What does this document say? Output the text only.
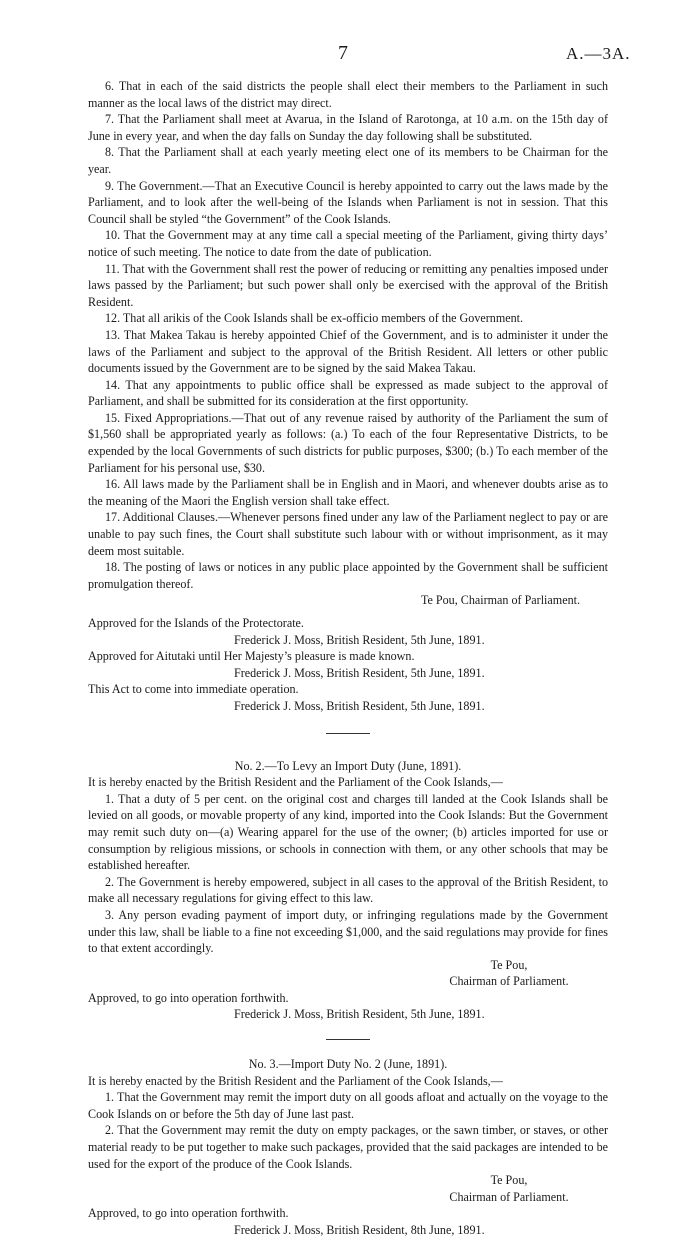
7	A.—3A.

6. That in each of the said districts the people shall elect their members to the Parliament in such manner as the local laws of the district may direct.

7. That the Parliament shall meet at Avarua, in the Island of Rarotonga, at 10 a.m. on the 15th day of June in every year, and when the day falls on Sunday the day following shall be substituted.

8. That the Parliament shall at each yearly meeting elect one of its members to be Chairman for the year.

9. The Government.—That an Executive Council is hereby appointed to carry out the laws made by the Parliament, and to look after the well-being of the Islands when Parliament is not in session. That this Council shall be styled “the Government” of the Cook Islands.

10. That the Government may at any time call a special meeting of the Parliament, giving thirty days’ notice of such meeting. The notice to date from the date of publication.

11. That with the Government shall rest the power of reducing or remitting any penalties imposed under laws passed by the Parliament; but such power shall only be exercised with the approval of the British Resident.

12. That all arikis of the Cook Islands shall be ex-officio members of the Government.

13. That Makea Takau is hereby appointed Chief of the Government, and is to administer it under the laws of the Parliament and subject to the approval of the British Resident. All letters or other public documents issued by the Government are to be signed by the said Makea Takau.

14. That any appointments to public office shall be expressed as made subject to the approval of Parliament, and shall be submitted for its consideration at the first opportunity.

15. Fixed Appropriations.—That out of any revenue raised by authority of the Parliament the sum of $1,560 shall be appropriated yearly as follows: (a.) To each of the four Representative Districts, to be expended by the local Governments of such districts for public purposes, $300; (b.) To each member of the Parliament for his personal use, $30.

16. All laws made by the Parliament shall be in English and in Maori, and whenever doubts arise as to the meaning of the Maori the English version shall take effect.

17. Additional Clauses.—Whenever persons fined under any law of the Parliament neglect to pay or are unable to pay such fines, the Court shall substitute such labour with or without imprisonment, as it may deem most suitable.

18. The posting of laws or notices in any public place appointed by the Government shall be sufficient promulgation thereof.

Te Pou, Chairman of Parliament.
Approved for the Islands of the Protectorate.
Frederick J. Moss, British Resident, 5th June, 1891.
Approved for Aitutaki until Her Majesty’s pleasure is made known.
Frederick J. Moss, British Resident, 5th June, 1891.
This Act to come into immediate operation.
Frederick J. Moss, British Resident, 5th June, 1891.
No. 2.—To Levy an Import Duty (June, 1891).

It is hereby enacted by the British Resident and the Parliament of the Cook Islands,—

1. That a duty of 5 per cent. on the original cost and charges till landed at the Cook Islands shall be levied on all goods, or movable property of any kind, imported into the Cook Islands: But the Government may remit such duty on—(a) Wearing apparel for the use of the owner; (b) articles imported for use or consumption by religious missions, or schools in connection with them, or any other schools that may be established hereafter.

2. The Government is hereby empowered, subject in all cases to the approval of the British Resident, to make all necessary regulations for giving effect to this law.

3. Any person evading payment of import duty, or infringing regulations made by the Government under this law, shall be liable to a fine not exceeding $1,000, and the said regulations may provide for fines to that extent accordingly.

Te Pou,
Chairman of Parliament.
Approved, to go into operation forthwith.
Frederick J. Moss, British Resident, 5th June, 1891.
No. 3.—Import Duty No. 2 (June, 1891).

It is hereby enacted by the British Resident and the Parliament of the Cook Islands,—

1. That the Government may remit the import duty on all goods afloat and actually on the voyage to the Cook Islands on or before the 5th day of June last past.

2. That the Government may remit the duty on empty packages, or the sawn timber, or staves, or other material ready to be put together to make such packages, provided that the said packages are intended to be used for the export of the produce of the Cook Islands.

Te Pou,
Chairman of Parliament.
Approved, to go into operation forthwith.
Frederick J. Moss, British Resident, 8th June, 1891.
